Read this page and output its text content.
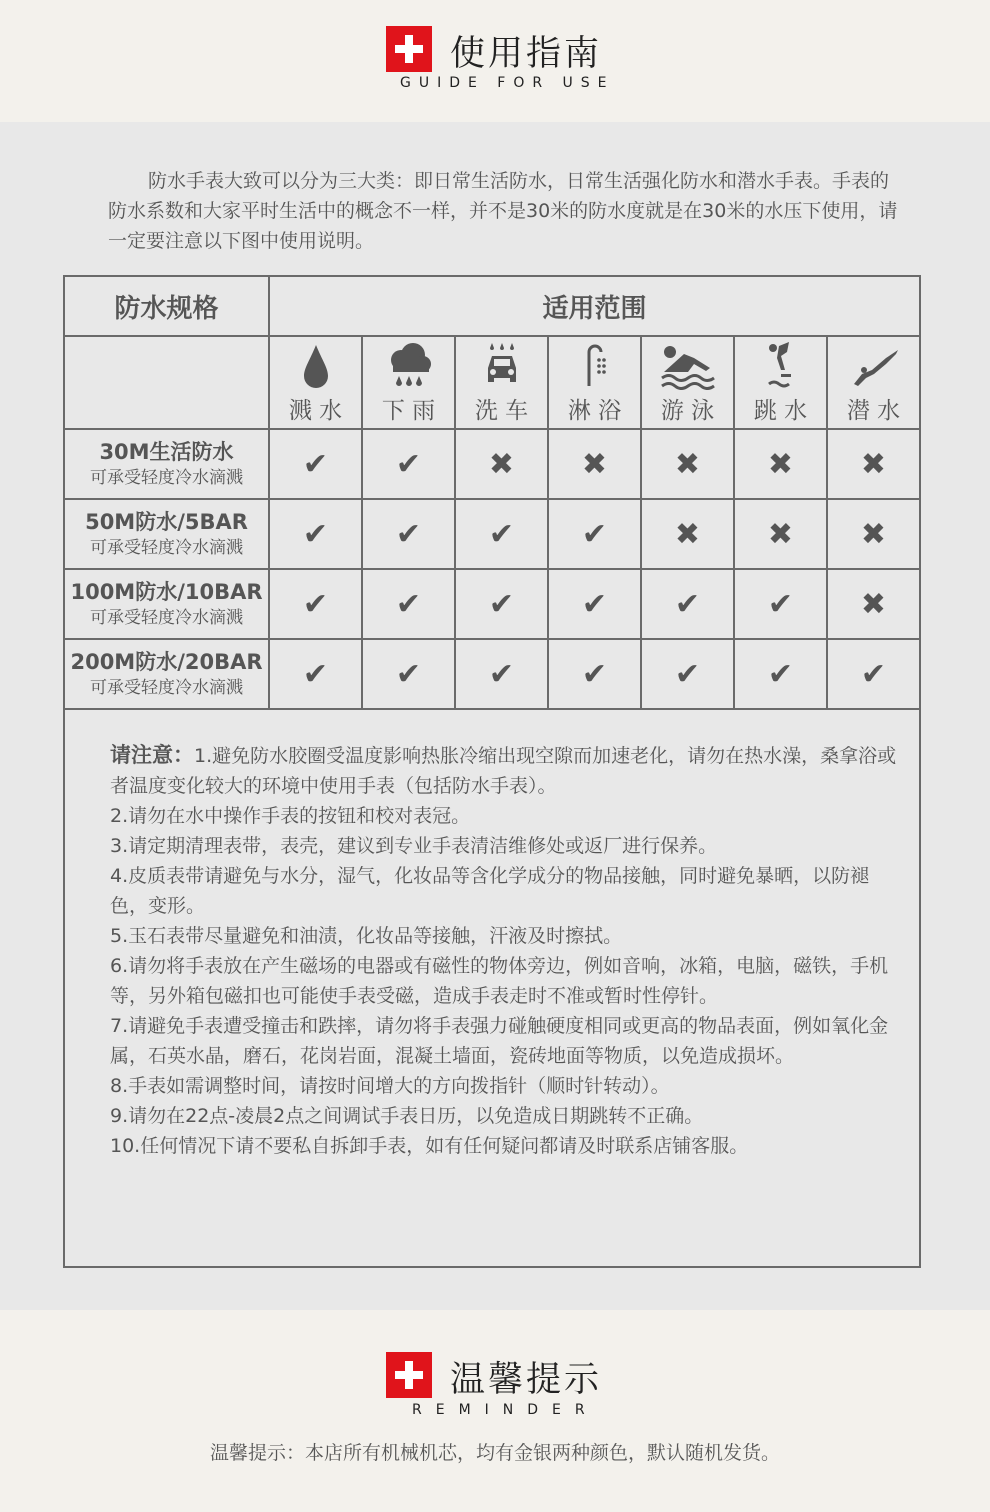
使用指南
GUIDE FOR USE
防水手表大致可以分为三大类：即日常生活防水，日常生活强化防水和潜水手表。手表的防水系数和大家平时生活中的概念不一样，并不是30米的防水度就是在30米的水压下使用，请一定要注意以下图中使用说明。
防水规格	适用范围						

溅 水	下 雨	洗 车	淋 浴	游 泳	跳 水	潜 水

30M生活防水
可承受轻度冷水滴溅	✔	✔	✖	✖	✖	✖	✖

50M防水/5BAR
可承受轻度冷水滴溅	✔	✔	✔	✔	✖	✖	✖

100M防水/10BAR
可承受轻度冷水滴溅	✔	✔	✔	✔	✔	✔	✖

200M防水/20BAR
可承受轻度冷水滴溅	✔	✔	✔	✔	✔	✔	✔
请注意：1.避免防水胶圈受温度影响热胀冷缩出现空隙而加速老化，请勿在热水澡，桑拿浴或者温度变化较大的环境中使用手表（包括防水手表）。
2.请勿在水中操作手表的按钮和校对表冠。
3.请定期清理表带，表壳，建议到专业手表清洁维修处或返厂进行保养。
4.皮质表带请避免与水分，湿气，化妆品等含化学成分的物品接触，同时避免暴晒，以防褪色，变形。
5.玉石表带尽量避免和油渍，化妆品等接触，汗液及时擦拭。
6.请勿将手表放在产生磁场的电器或有磁性的物体旁边，例如音响，冰箱，电脑，磁铁，手机等，另外箱包磁扣也可能使手表受磁，造成手表走时不准或暂时性停针。
7.请避免手表遭受撞击和跌摔，请勿将手表强力碰触硬度相同或更高的物品表面，例如氧化金属，石英水晶，磨石，花岗岩面，混凝土墙面，瓷砖地面等物质，以免造成损坏。
8.手表如需调整时间，请按时间增大的方向拨指针（顺时针转动）。
9.请勿在22点-凌晨2点之间调试手表日历，以免造成日期跳转不正确。
10.任何情况下请不要私自拆卸手表，如有任何疑问都请及时联系店铺客服。
温馨提示
REMINDER
温馨提示：本店所有机械机芯，均有金银两种颜色，默认随机发货。
